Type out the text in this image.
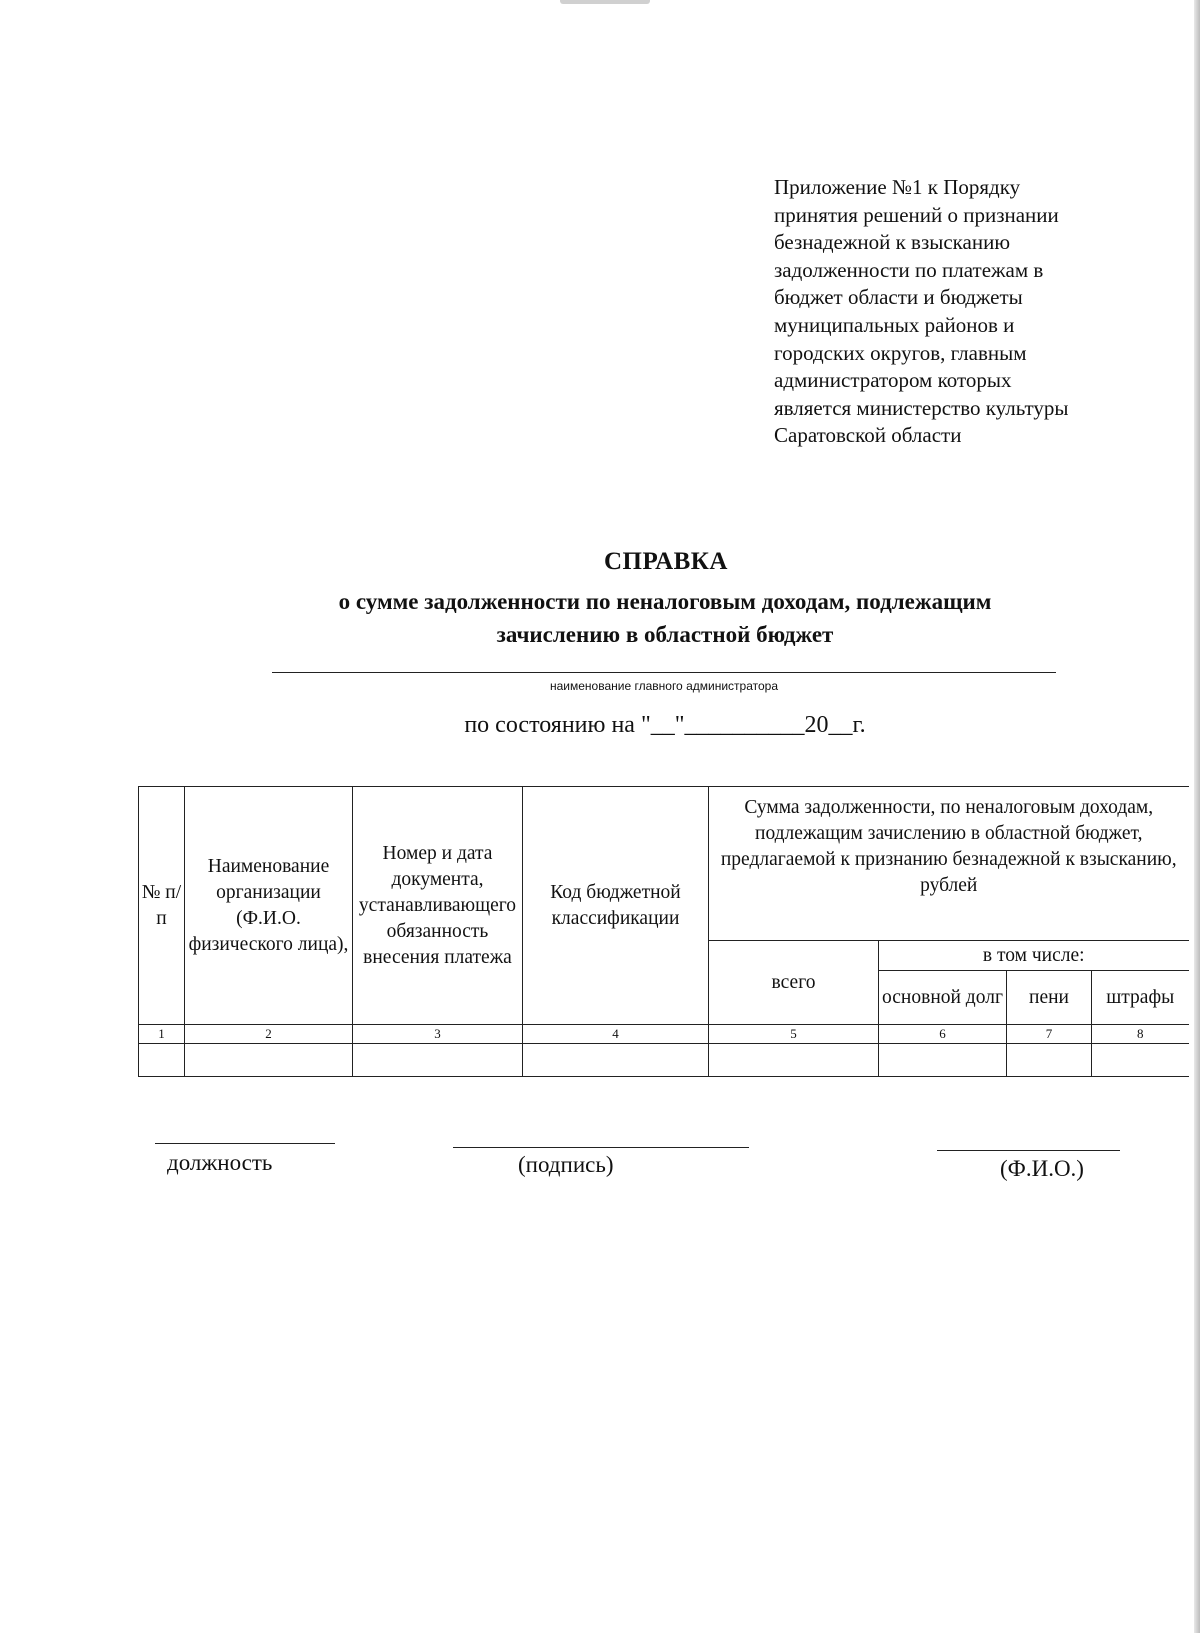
Приложение №1 к Порядку
принятия решений о признании
безнадежной к взысканию
задолженности по платежам в
бюджет области и бюджеты
муниципальных районов и
городских округов, главным
администратором которых
является министерство культуры
Саратовской области
СПРАВКА
о сумме задолженности по неналоговым доходам, подлежащим
зачислению в областной бюджет
наименование главного администратора
по состоянию на "__"__________20__г.
№ п/п	Наименование организации (Ф.И.О. физического лица),	Номер и дата документа, устанавливающего обязанность внесения платежа	Код бюджетной классификации	Сумма задолженности, по неналоговым доходам, подлежащим зачислению в областной бюджет, предлагаемой к признанию безнадежной к взысканию, рублей			
				всего	в том числе:		
					основной долг	пени	штрафы
1	2	3	4	5	6	7	8

должность	(подпись)	(Ф.И.О.)
